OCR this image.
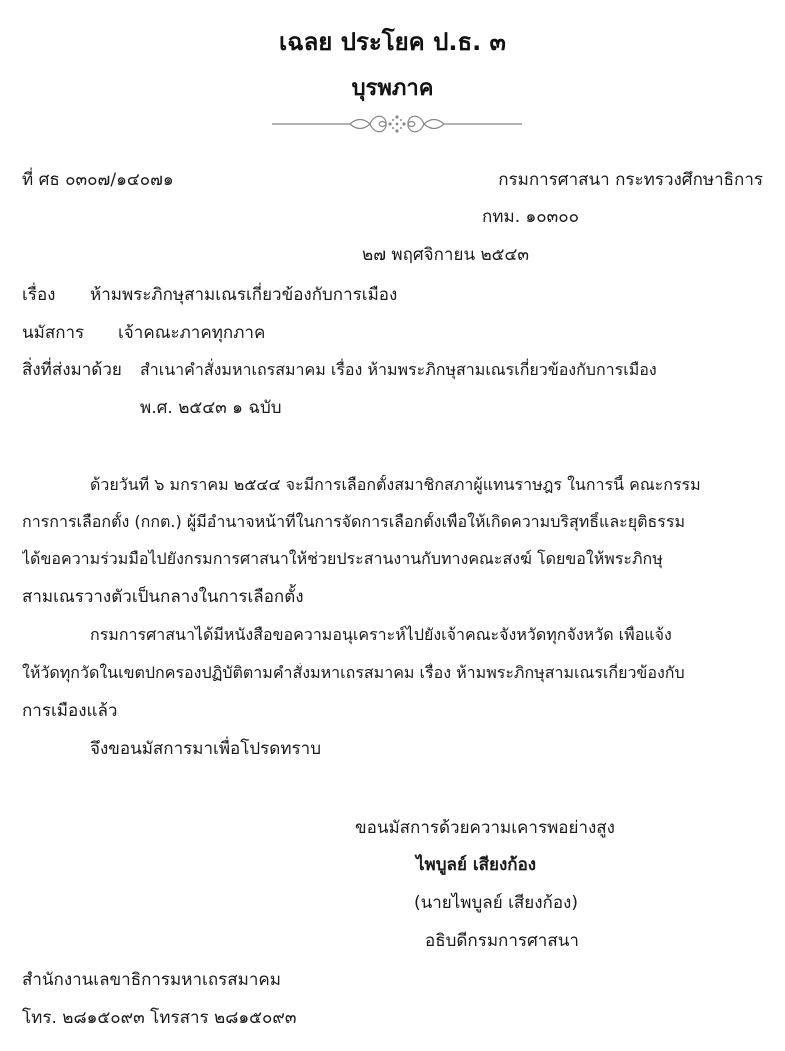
เฉลย ประโยค ป.ธ. ๓
บุรพภาค
ที่ ศธ ๐๓๐๗/๑๔๐๗๑	กรมการศาสนา กระทรวงศึกษาธิการ
กทม. ๑๐๓๐๐
๒๗ พฤศจิกายน ๒๕๔๓
เรื่อง ห้ามพระภิกษุสามเณรเกี่ยวข้องกับการเมือง
นมัสการ เจ้าคณะภาคทุกภาค
สิ่งที่ส่งมาด้วย สำเนาคำสั่งมหาเถรสมาคม เรื่อง ห้ามพระภิกษุสามเณรเกี่ยวข้องกับการเมือง
พ.ศ. ๒๕๔๓ ๑ ฉบับ
ด้วยวันที่ ๖ มกราคม ๒๕๔๔ จะมีการเลือกตั้งสมาชิกสภาผู้แทนราษฎร ในการนี้ คณะกรรม
การการเลือกตั้ง (กกต.) ผู้มีอำนาจหน้าที่ในการจัดการเลือกตั้งเพื่อให้เกิดความบริสุทธิ์และยุติธรรม
ได้ขอความร่วมมือไปยังกรมการศาสนาให้ช่วยประสานงานกับทางคณะสงฆ์ โดยขอให้พระภิกษุ
สามเณรวางตัวเป็นกลางในการเลือกตั้ง
กรมการศาสนาได้มีหนังสือขอความอนุเคราะห์ไปยังเจ้าคณะจังหวัดทุกจังหวัด เพื่อแจ้ง
ให้วัดทุกวัดในเขตปกครองปฏิบัติตามคำสั่งมหาเถรสมาคม เรื่อง ห้ามพระภิกษุสามเณรเกี่ยวข้องกับ
การเมืองแล้ว
จึงขอนมัสการมาเพื่อโปรดทราบ
ขอนมัสการด้วยความเคารพอย่างสูง
ไพบูลย์ เสียงก้อง
(นายไพบูลย์ เสียงก้อง)
อธิบดีกรมการศาสนา
สำนักงานเลขาธิการมหาเถรสมาคม
โทร. ๒๘๑๕๐๙๓ โทรสาร ๒๘๑๕๐๙๓
